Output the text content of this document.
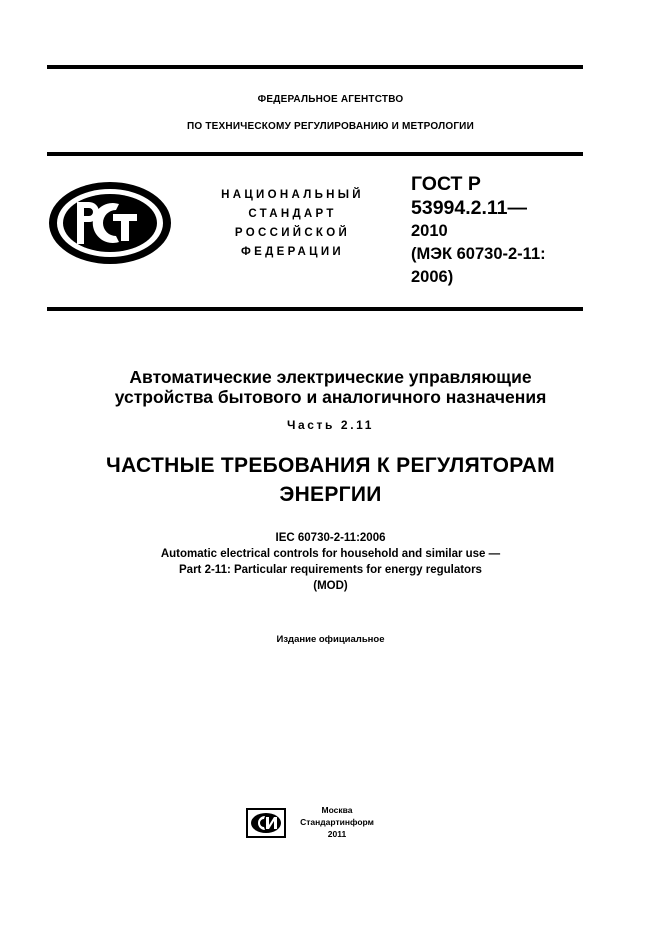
ФЕДЕРАЛЬНОЕ АГЕНТСТВО
ПО ТЕХНИЧЕСКОМУ РЕГУЛИРОВАНИЮ И МЕТРОЛОГИИ
НАЦИОНАЛЬНЫЙ
СТАНДАРТ
РОССИЙСКОЙ
ФЕДЕРАЦИИ
ГОСТ Р
53994.2.11—
2010
(МЭК 60730-2-11:
2006)
Автоматические электрические управляющие
устройства бытового и аналогичного назначения
Часть 2.11
ЧАСТНЫЕ ТРЕБОВАНИЯ К РЕГУЛЯТОРАМ
ЭНЕРГИИ
IEC 60730-2-11:2006
Automatic electrical controls for household and similar use —
Part 2-11: Particular requirements for energy regulators
(MOD)
Издание официальное
Москва
Стандартинформ
2011
